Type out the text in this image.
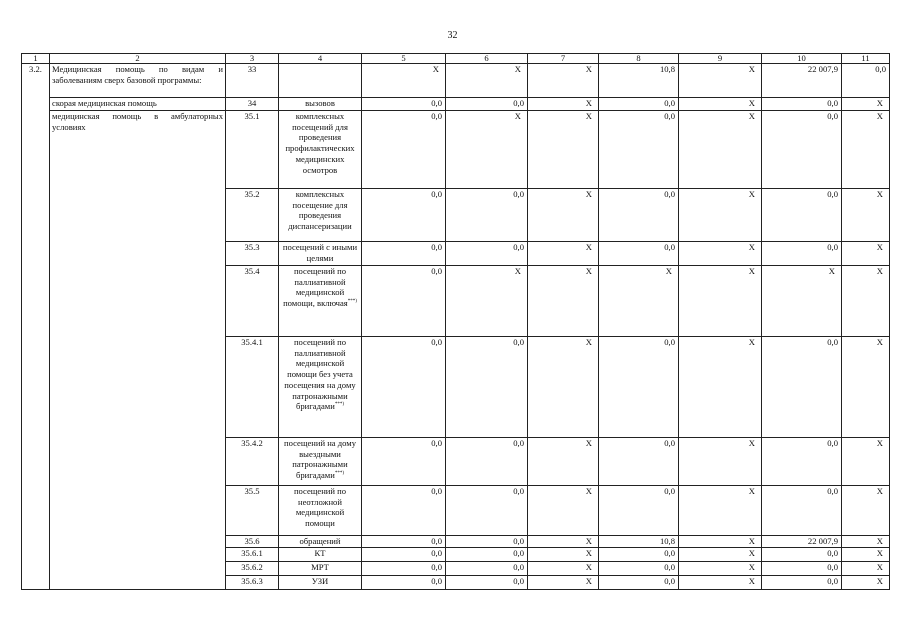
32
1	2	3	4	5	6	7	8	9	10	11
3.2.	Медицинская помощь по видам и заболеваниям сверх базовой программы:	33		X	X	X	10,8	X	22 007,9	0,0
	скорая медицинская помощь	34	вызовов	0,0	0,0	X	0,0	X	0,0	X
	медицинская помощь в амбулаторных условиях	35.1	комплексных посещений для проведения профилактических медицинских осмотров	0,0	X	X	0,0	X	0,0	X
		35.2	комплексных посещение для проведения диспансеризации	0,0	0,0	X	0,0	X	0,0	X
		35.3	посещений с иными целями	0,0	0,0	X	0,0	X	0,0	X
		35.4	посещений по паллиативной медицинской помощи, включая***)	0,0	X	X	X	X	X	X
		35.4.1	посещений по паллиативной медицинской помощи без учета посещения на дому патронажными бригадами***)	0,0	0,0	X	0,0	X	0,0	X
		35.4.2	посещений на дому выездными патронажными бригадами***)	0,0	0,0	X	0,0	X	0,0	X
		35.5	посещений по неотложной медицинской помощи	0,0	0,0	X	0,0	X	0,0	X
		35.6	обращений	0,0	0,0	X	10,8	X	22 007,9	X
		35.6.1	КТ	0,0	0,0	X	0,0	X	0,0	X
		35.6.2	МРТ	0,0	0,0	X	0,0	X	0,0	X
		35.6.3	УЗИ	0,0	0,0	X	0,0	X	0,0	X
